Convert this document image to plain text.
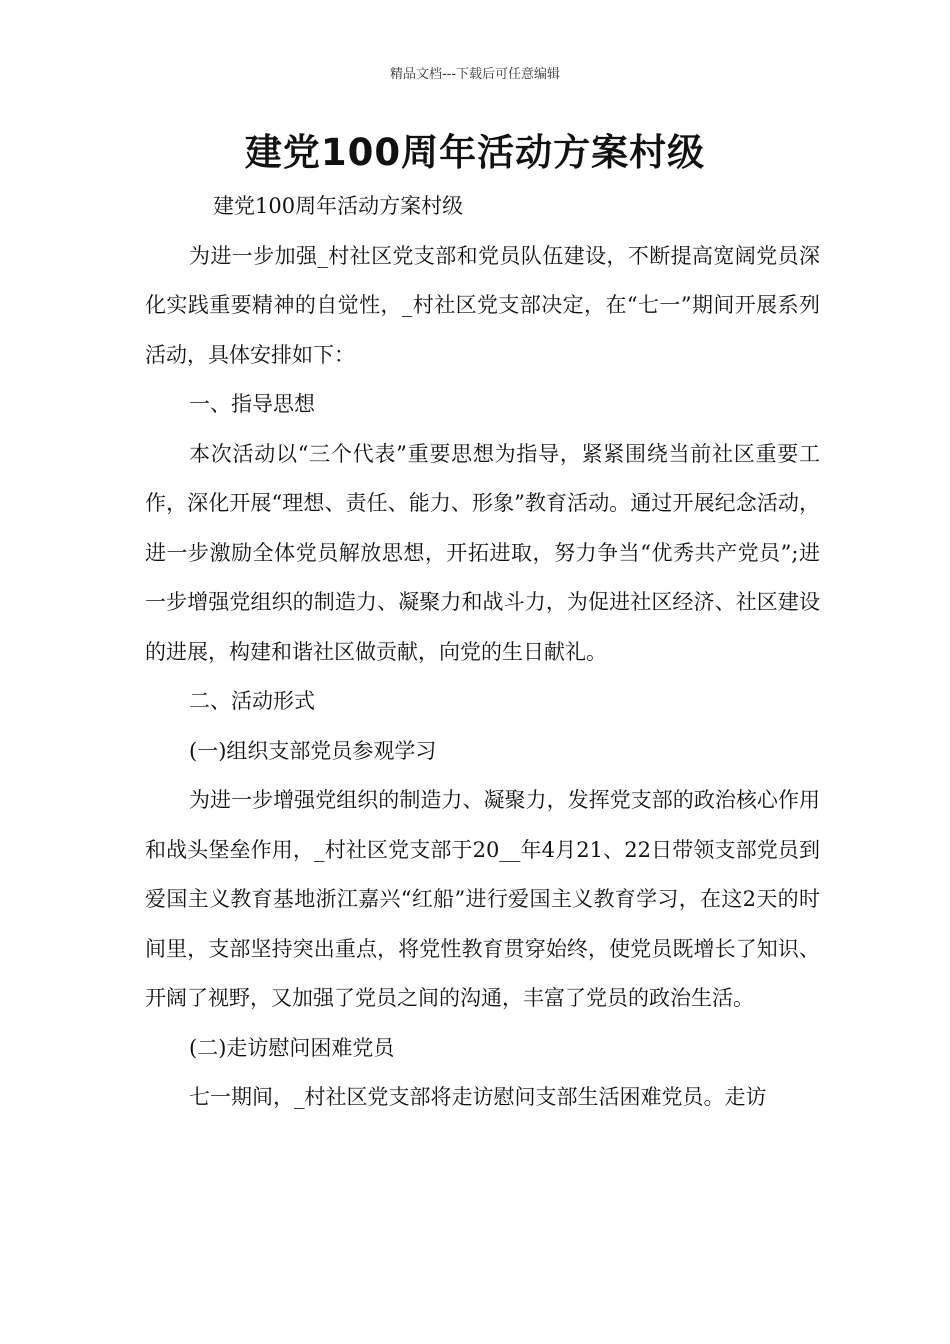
精品文档---下载后可任意编辑
建党100周年活动方案村级

建党100周年活动方案村级

为进一步加强_村社区党支部和党员队伍建设，不断提高宽阔党员深化实践重要精神的自觉性，_村社区党支部决定，在“七一”期间开展系列活动，具体安排如下：

一、指导思想

本次活动以“三个代表”重要思想为指导，紧紧围绕当前社区重要工作，深化开展“理想、责任、能力、形象”教育活动。通过开展纪念活动，进一步激励全体党员解放思想，开拓进取，努力争当“优秀共产党员”;进一步增强党组织的制造力、凝聚力和战斗力，为促进社区经济、社区建设的进展，构建和谐社区做贡献，向党的生日献礼。

二、活动形式

(一)组织支部党员参观学习

为进一步增强党组织的制造力、凝聚力，发挥党支部的政治核心作用和战头堡垒作用，_村社区党支部于20__年4月21、22日带领支部党员到爱国主义教育基地浙江嘉兴“红船”进行爱国主义教育学习，在这2天的时间里，支部坚持突出重点，将党性教育贯穿始终，使党员既增长了知识、开阔了视野，又加强了党员之间的沟通，丰富了党员的政治生活。

(二)走访慰问困难党员

七一期间，_村社区党支部将走访慰问支部生活困难党员。走访
